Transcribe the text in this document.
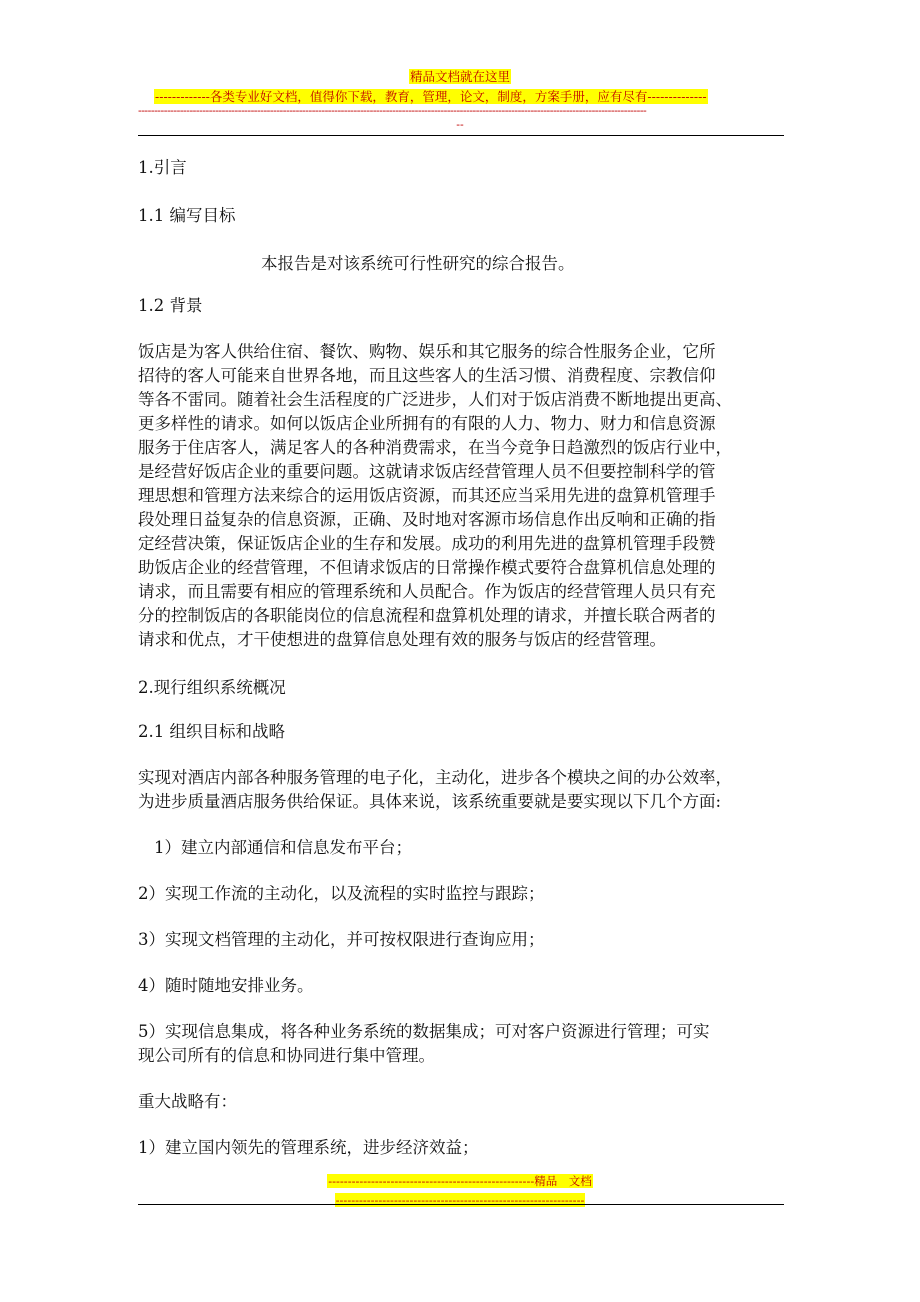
精品文档就在这里
-------------各类专业好文档，值得你下载，教育，管理，论文，制度，方案手册，应有尽有--------------
--------------------------------------------------------------------------------------------------------------------------------------------------------------
--
1.引言
1.1 编写目标
本报告是对该系统可行性研究的综合报告。
1.2 背景
饭店是为客人供给住宿、餐饮、购物、娱乐和其它服务的综合性服务企业，它所
招待的客人可能来自世界各地，而且这些客人的生活习惯、消费程度、宗教信仰
等各不雷同。随着社会生活程度的广泛进步，人们对于饭店消费不断地提出更高、
更多样性的请求。如何以饭店企业所拥有的有限的人力、物力、财力和信息资源
服务于住店客人，满足客人的各种消费需求，在当今竞争日趋激烈的饭店行业中，
是经营好饭店企业的重要问题。这就请求饭店经营管理人员不但要控制科学的管
理思想和管理方法来综合的运用饭店资源，而其还应当采用先进的盘算机管理手
段处理日益复杂的信息资源，正确、及时地对客源市场信息作出反响和正确的指
定经营决策，保证饭店企业的生存和发展。成功的利用先进的盘算机管理手段赞
助饭店企业的经营管理，不但请求饭店的日常操作模式要符合盘算机信息处理的
请求，而且需要有相应的管理系统和人员配合。作为饭店的经营管理人员只有充
分的控制饭店的各职能岗位的信息流程和盘算机处理的请求，并擅长联合两者的
请求和优点，才干使想进的盘算信息处理有效的服务与饭店的经营管理。
2.现行组织系统概况
2.1 组织目标和战略
实现对酒店内部各种服务管理的电子化，主动化，进步各个模块之间的办公效率，
为进步质量酒店服务供给保证。具体来说，该系统重要就是要实现以下几个方面:
1）建立内部通信和信息发布平台；
2）实现工作流的主动化，以及流程的实时监控与跟踪；
3）实现文档管理的主动化，并可按权限进行查询应用；
4）随时随地安排业务。
5）实现信息集成，将各种业务系统的数据集成；可对客户资源进行管理；可实
现公司所有的信息和协同进行集中管理。
重大战略有：
1）建立国内领先的管理系统，进步经济效益；
-----------------------------------------------------精品　文档
----------------------------------------------------------------
